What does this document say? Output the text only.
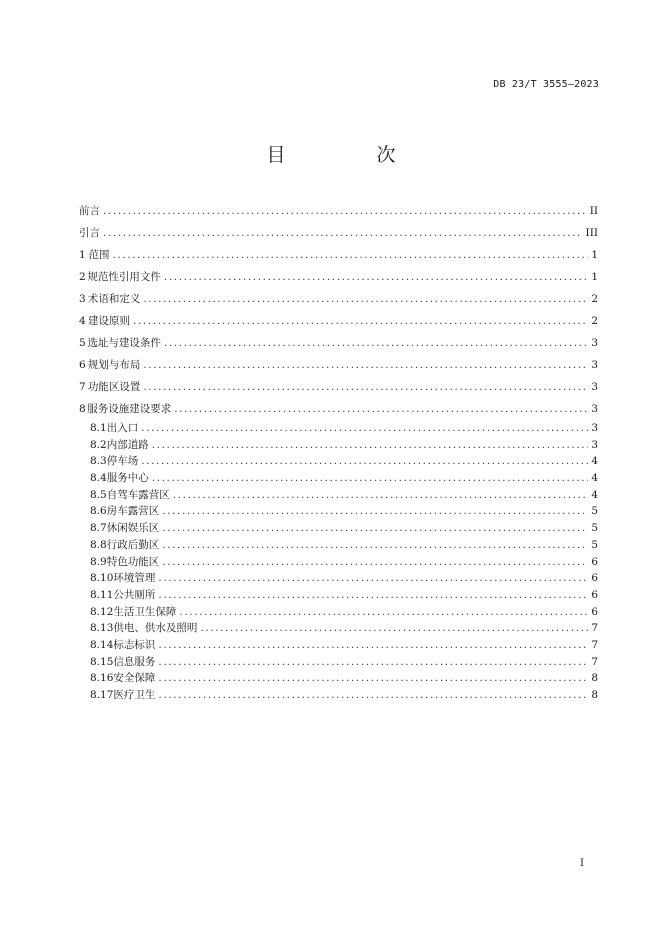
DB 23/T 3555—2023
目　次
前言 .....	II
引言 .....	III
1 范围 .....	1
2 规范性引用文件 .....	1
3 术语和定义 .....	2
4 建设原则 .....	2
5 选址与建设条件 .....	3
6 规划与布局 .....	3
7 功能区设置 .....	3
8 服务设施建设要求 .....	3
8.1 出入口 .....	3
8.2 内部道路 .....	3
8.3 停车场 .....	4
8.4 服务中心 .....	4
8.5 自驾车露营区 .....	4
8.6 房车露营区 .....	5
8.7 休闲娱乐区 .....	5
8.8 行政后勤区 .....	5
8.9 特色功能区 .....	6
8.10 环境管理 .....	6
8.11 公共厕所 .....	6
8.12 生活卫生保障 .....	6
8.13 供电、供水及照明 .....	7
8.14 标志标识 .....	7
8.15 信息服务 .....	7
8.16 安全保障 .....	8
8.17 医疗卫生 .....	8
I
